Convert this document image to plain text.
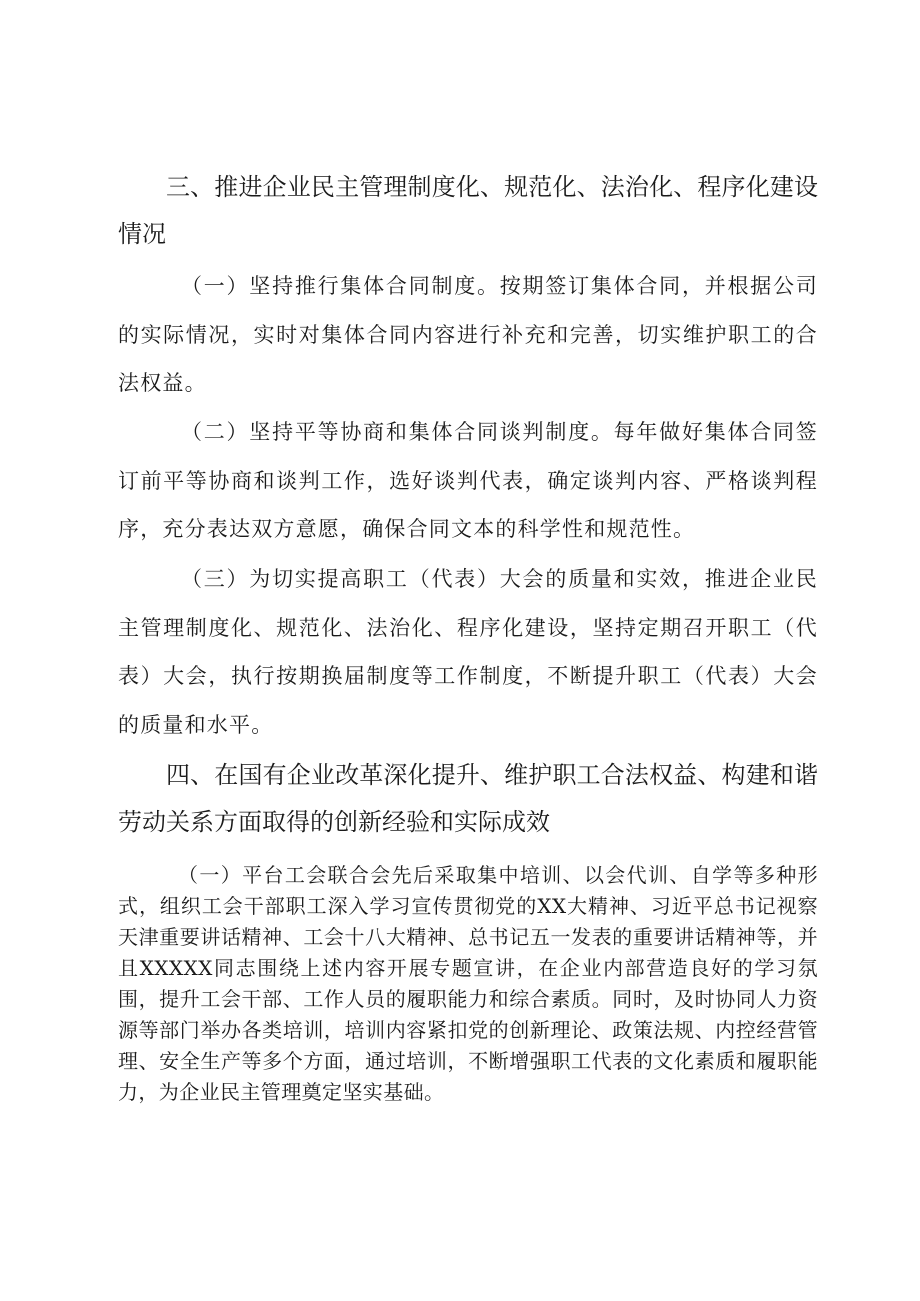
三、推进企业民主管理制度化、规范化、法治化、程序化建设情况

（一）坚持推行集体合同制度。按期签订集体合同，并根据公司的实际情况，实时对集体合同内容进行补充和完善，切实维护职工的合法权益。

（二）坚持平等协商和集体合同谈判制度。每年做好集体合同签订前平等协商和谈判工作，选好谈判代表，确定谈判内容、严格谈判程序，充分表达双方意愿，确保合同文本的科学性和规范性。

（三）为切实提高职工（代表）大会的质量和实效，推进企业民主管理制度化、规范化、法治化、程序化建设，坚持定期召开职工（代表）大会，执行按期换届制度等工作制度，不断提升职工（代表）大会的质量和水平。

四、在国有企业改革深化提升、维护职工合法权益、构建和谐劳动关系方面取得的创新经验和实际成效

（一）平台工会联合会先后采取集中培训、以会代训、自学等多种形式，组织工会干部职工深入学习宣传贯彻党的XX大精神、习近平总书记视察天津重要讲话精神、工会十八大精神、总书记五一发表的重要讲话精神等，并且XXXXX同志围绕上述内容开展专题宣讲，在企业内部营造良好的学习氛围，提升工会干部、工作人员的履职能力和综合素质。同时，及时协同人力资源等部门举办各类培训，培训内容紧扣党的创新理论、政策法规、内控经营管理、安全生产等多个方面，通过培训，不断增强职工代表的文化素质和履职能力，为企业民主管理奠定坚实基础。
